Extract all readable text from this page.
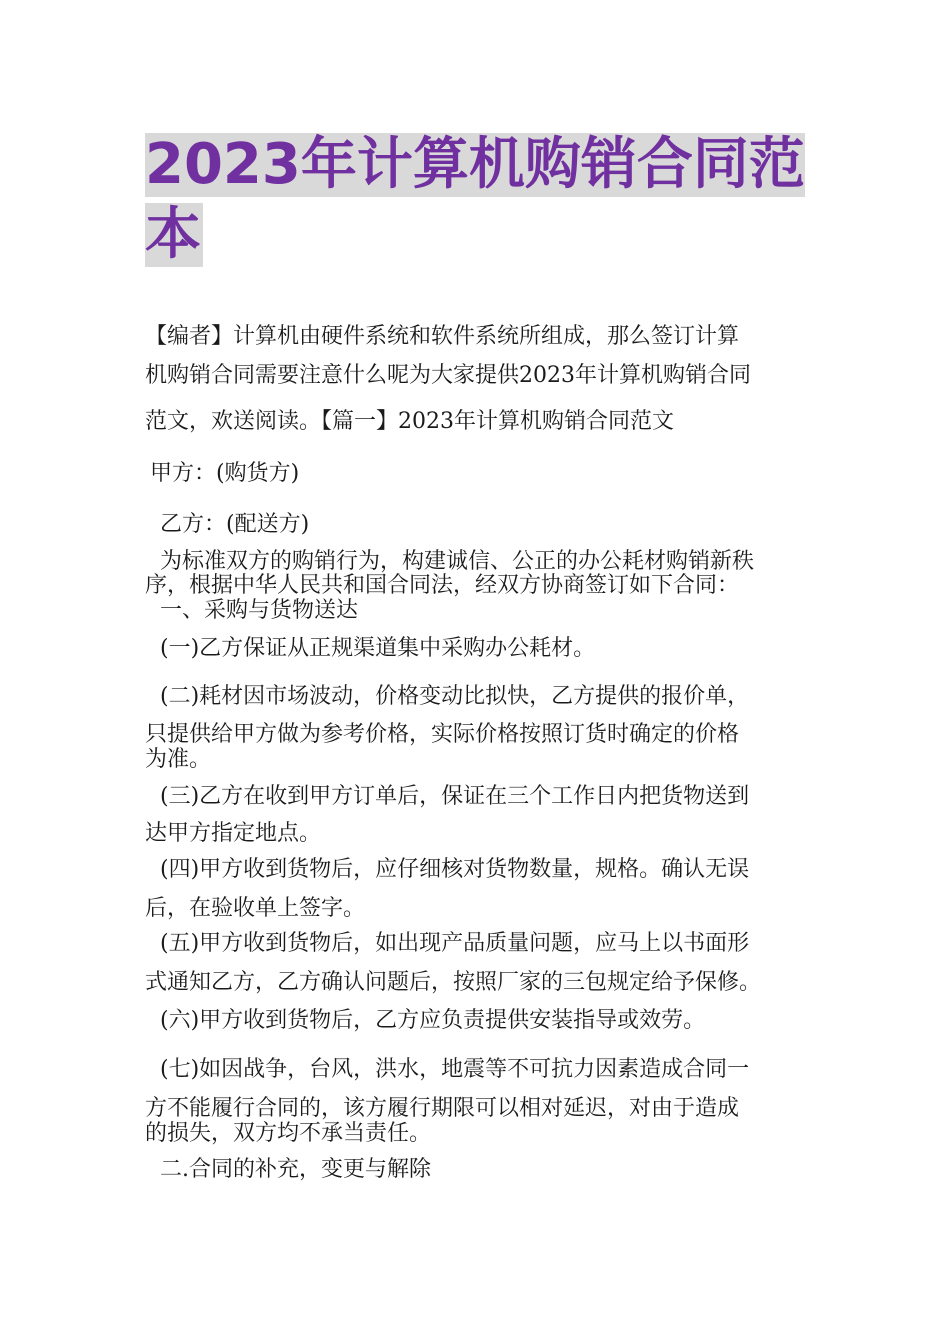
2023年计算机购销合同范
本
【编者】计算机由硬件系统和软件系统所组成，那么签订计算
机购销合同需要注意什么呢为大家提供2023年计算机购销合同
范文，欢送阅读。【篇一】2023年计算机购销合同范文
甲方：(购货方)
乙方：(配送方)
为标准双方的购销行为，构建诚信、公正的办公耗材购销新秩
序，根据中华人民共和国合同法，经双方协商签订如下合同：
一、采购与货物送达
(一)乙方保证从正规渠道集中采购办公耗材。
(二)耗材因市场波动，价格变动比拟快，乙方提供的报价单，
只提供给甲方做为参考价格，实际价格按照订货时确定的价格
为准。
(三)乙方在收到甲方订单后，保证在三个工作日内把货物送到
达甲方指定地点。
(四)甲方收到货物后，应仔细核对货物数量，规格。确认无误
后，在验收单上签字。
(五)甲方收到货物后，如出现产品质量问题，应马上以书面形
式通知乙方，乙方确认问题后，按照厂家的三包规定给予保修。
(六)甲方收到货物后，乙方应负责提供安装指导或效劳。
(七)如因战争，台风，洪水，地震等不可抗力因素造成合同一
方不能履行合同的，该方履行期限可以相对延迟，对由于造成
的损失，双方均不承当责任。
二.合同的补充，变更与解除
